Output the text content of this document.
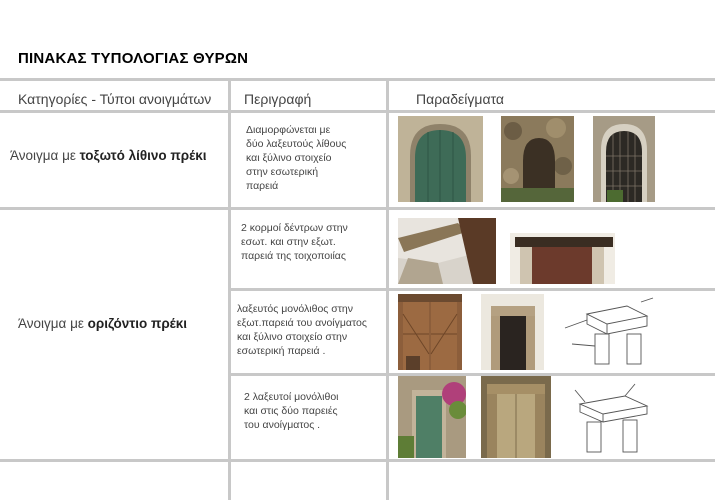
ΠΙΝΑΚΑΣ ΤΥΠΟΛΟΓΙΑΣ ΘΥΡΩΝ
Κατηγορίες - Τύποι ανοιγμάτων Περιγραφή	Παραδείγματα
Άνοιγμα με τοξωτό λίθινο πρέκι
Διαμορφώνεται με
δύο λαξευτούς λίθους
και ξύλινο στοιχείο
στην εσωτερική
παρειά
Άνοιγμα με οριζόντιο πρέκι
2 κορμοί δέντρων στην
εσωτ. και στην εξωτ.
παρειά της τοιχοποιίας
λαξευτός μονόλιθος στην
εξωτ.παρειά του ανοίγματος
και ξύλινο στοιχείο στην
εσωτερική παρειά .
2 λαξευτοί μονόλιθοι
και στις δύο παρειές
του ανοίγματος .
